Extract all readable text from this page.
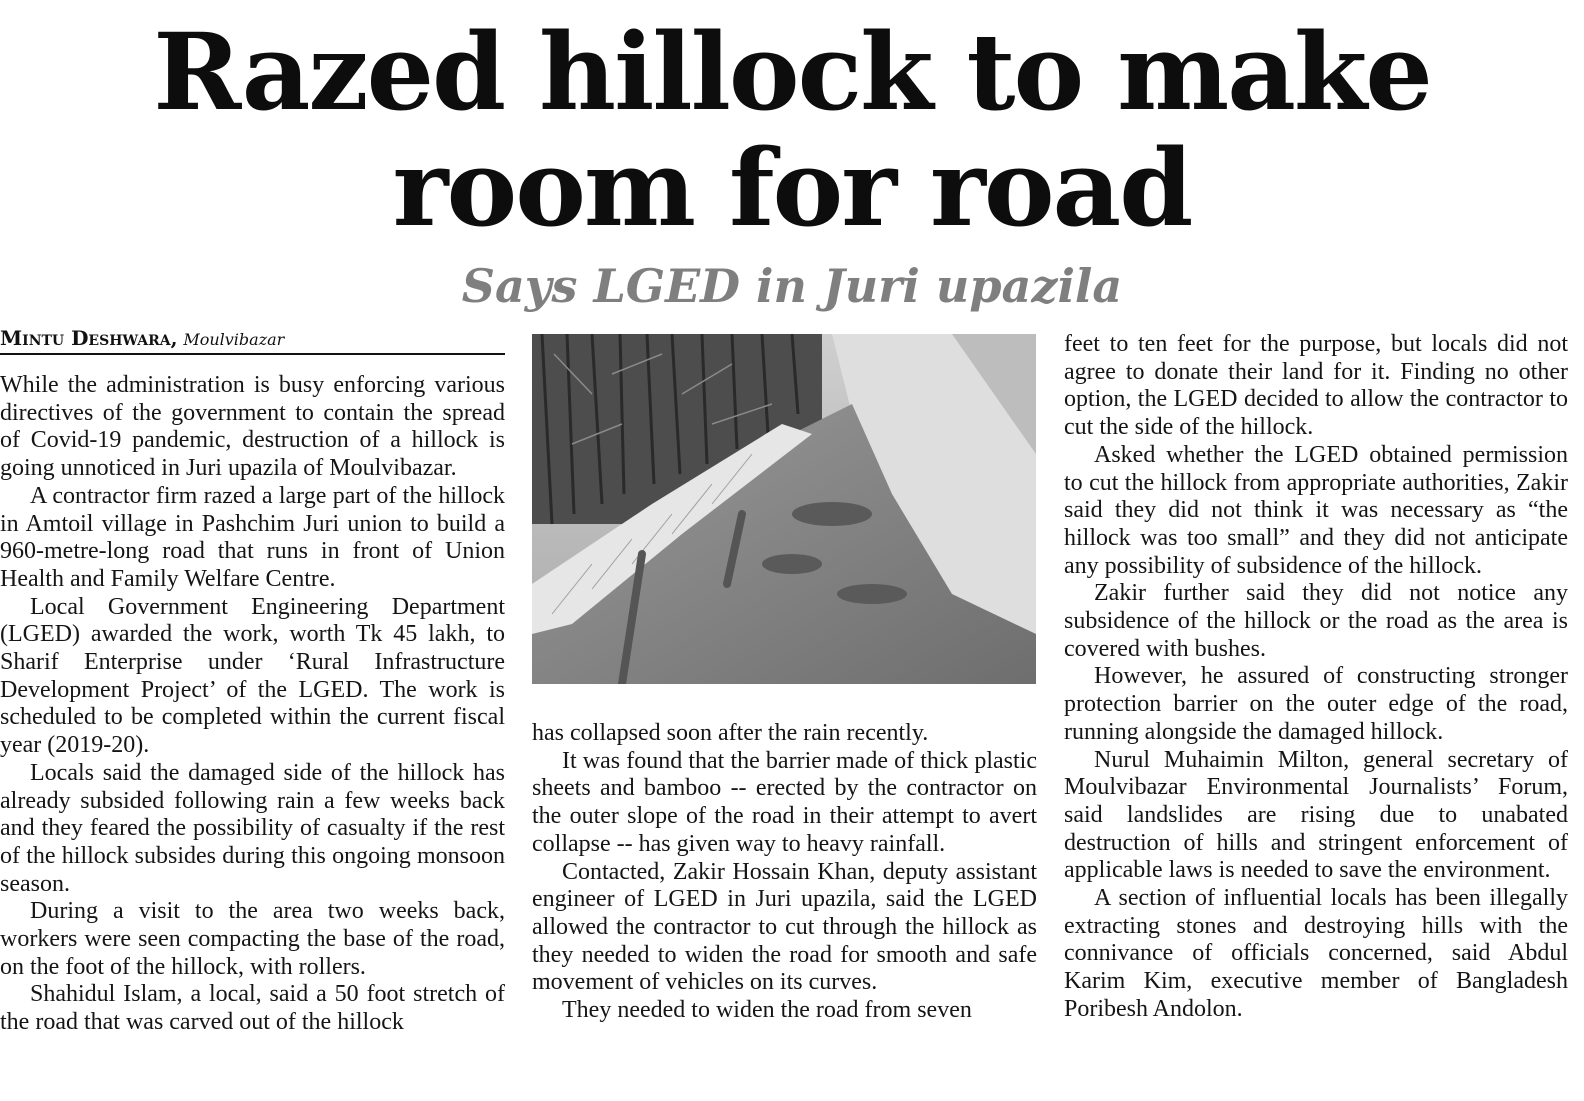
Razed hillock to make
room for road
Says LGED in Juri upazila
Mintu Deshwara, Moulvibazar

While the administration is busy enforcing various directives of the government to contain the spread of Covid-19 pandemic, destruction of a hillock is going unnoticed in Juri upazila of Moulvibazar.

A contractor firm razed a large part of the hillock in Amtoil village in Pashchim Juri union to build a 960-metre-long road that runs in front of Union Health and Family Welfare Centre.

Local Government Engineering Department (LGED) awarded the work, worth Tk 45 lakh, to Sharif Enterprise under ‘Rural Infrastructure Development Project’ of the LGED. The work is scheduled to be completed within the current fiscal year (2019-20).

Locals said the damaged side of the hillock has already subsided following rain a few weeks back and they feared the possibility of casualty if the rest of the hillock subsides during this ongoing monsoon season.

During a visit to the area two weeks back, workers were seen compacting the base of the road, on the foot of the hillock, with rollers.

Shahidul Islam, a local, said a 50 foot stretch of the road that was carved out of the hillock

has collapsed soon after the rain recently.

It was found that the barrier made of thick plastic sheets and bamboo -- erected by the contractor on the outer slope of the road in their attempt to avert collapse -- has given way to heavy rainfall.

Contacted, Zakir Hossain Khan, deputy assistant engineer of LGED in Juri upazila, said the LGED allowed the contractor to cut through the hillock as they needed to widen the road for smooth and safe movement of vehicles on its curves.

They needed to widen the road from seven

feet to ten feet for the purpose, but locals did not agree to donate their land for it. Finding no other option, the LGED decided to allow the contractor to cut the side of the hillock.

Asked whether the LGED obtained permission to cut the hillock from appropriate authorities, Zakir said they did not think it was necessary as “the hillock was too small” and they did not anticipate any possibility of subsidence of the hillock.

Zakir further said they did not notice any subsidence of the hillock or the road as the area is covered with bushes.

However, he assured of constructing stronger protection barrier on the outer edge of the road, running alongside the damaged hillock.

Nurul Muhaimin Milton, general secretary of Moulvibazar Environmental Journalists’ Forum, said landslides are rising due to unabated destruction of hills and stringent enforcement of applicable laws is needed to save the environment.

A section of influential locals has been illegally extracting stones and destroying hills with the connivance of officials concerned, said Abdul Karim Kim, executive member of Bangladesh Poribesh Andolon.
